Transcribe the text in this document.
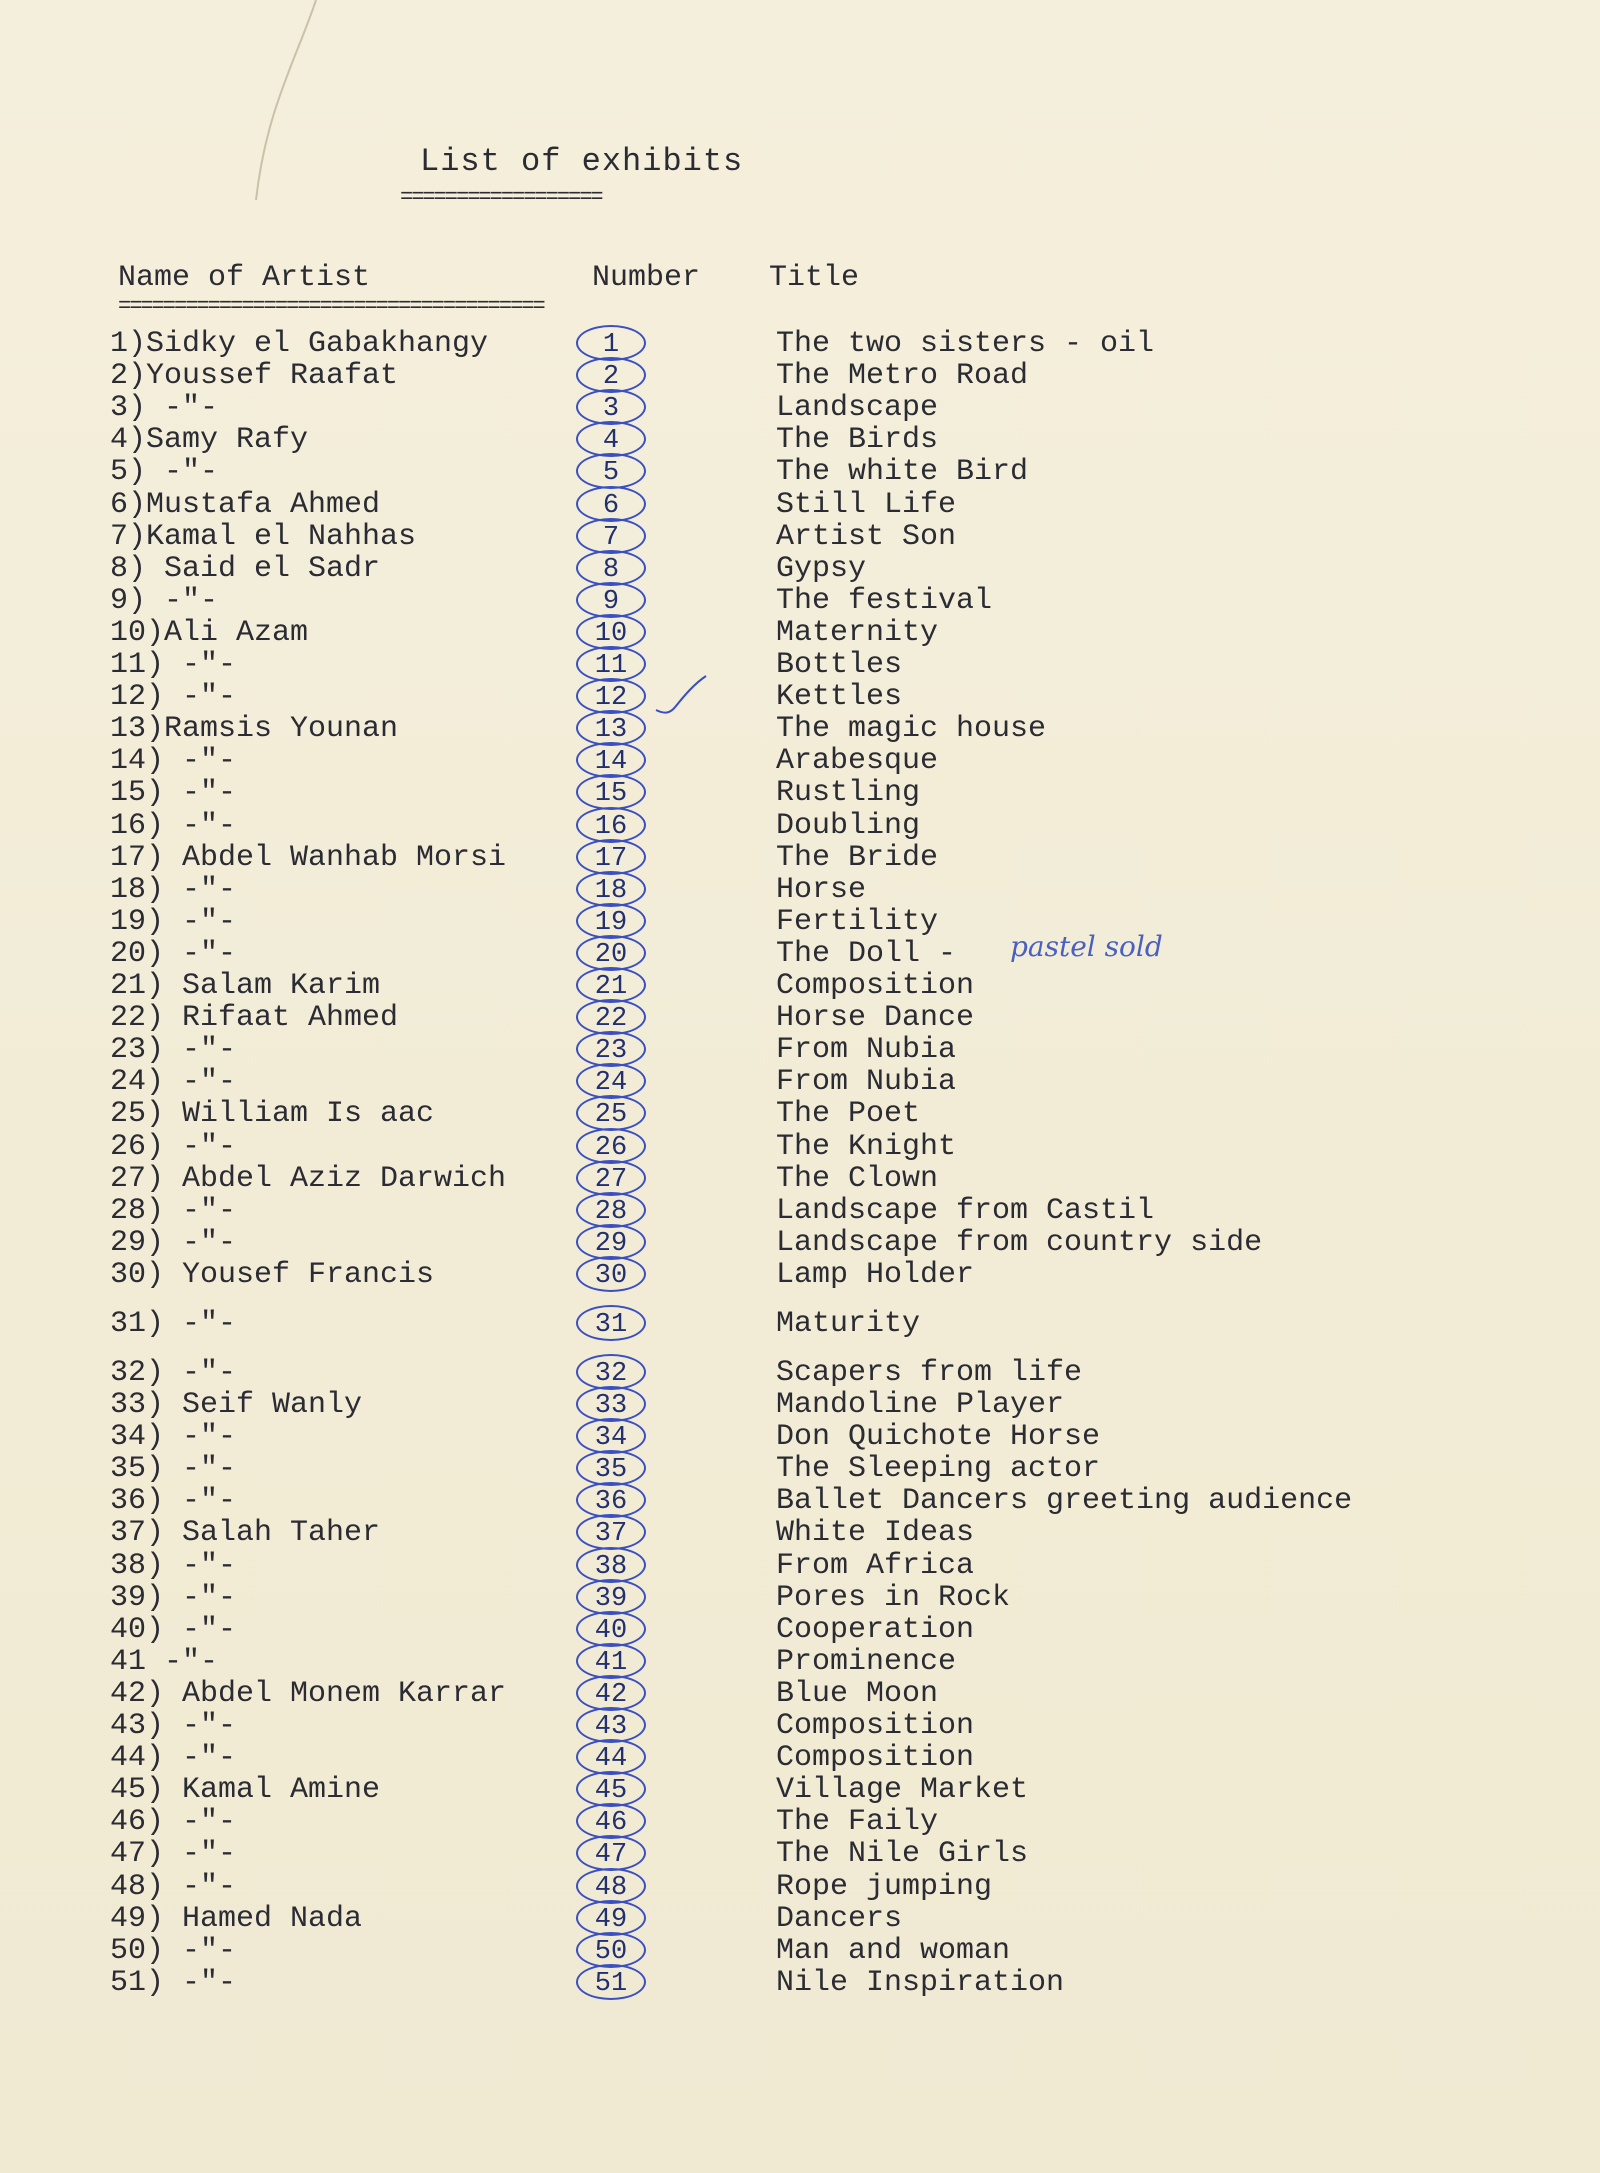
List of exhibits
==================
Name of Artist	Number Title
======================================
1)Sidky el Gabakhangy	1	The two sisters - oil
2)Youssef Raafat	2	The Metro Road
3) -"-	3	Landscape
4)Samy Rafy	4	The Birds
5) -"-	5	The white Bird
6)Mustafa Ahmed	6	Still Life
7)Kamal el Nahhas	7	Artist Son
8) Said el Sadr	8	Gypsy
9) -"-	9	The festival
10)Ali Azam	10	Maternity
11) -"-	11	Bottles
12) -"-	12	Kettles
13)Ramsis Younan	13	The magic house
14) -"-	14	Arabesque
15) -"-	15	Rustling
16) -"-	16	Doubling
17) Abdel Wanhab Morsi	17	The Bride
18) -"-	18	Horse
19) -"-	19	Fertility
20) -"-	20	The Doll -
21) Salam Karim	21	Composition
22) Rifaat Ahmed	22	Horse Dance
23) -"-	23	From Nubia
24) -"-	24	From Nubia
25) William Is aac	25	The Poet
26) -"-	26	The Knight
27) Abdel Aziz Darwich	27	The Clown
28) -"-	28	Landscape from Castil
29) -"-	29	Landscape from country side
30) Yousef Francis	30	Lamp Holder
31) -"-	31	Maturity
32) -"-	32	Scapers from life
33) Seif Wanly	33	Mandoline Player
34) -"-	34	Don Quichote Horse
35) -"-	35	The Sleeping actor
36) -"-	36	Ballet Dancers greeting audience
37) Salah Taher	37	White Ideas
38) -"-	38	From Africa
39) -"-	39	Pores in Rock
40) -"-	40	Cooperation
41 -"-	41	Prominence
42) Abdel Monem Karrar	42	Blue Moon
43) -"-	43	Composition
44) -"-	44	Composition
45) Kamal Amine	45	Village Market
46) -"-	46	The Faily
47) -"-	47	The Nile Girls
48) -"-	48	Rope jumping
49) Hamed Nada	49	Dancers
50) -"-	50	Man and woman
51) -"-	51	Nile Inspiration
pastel sold
